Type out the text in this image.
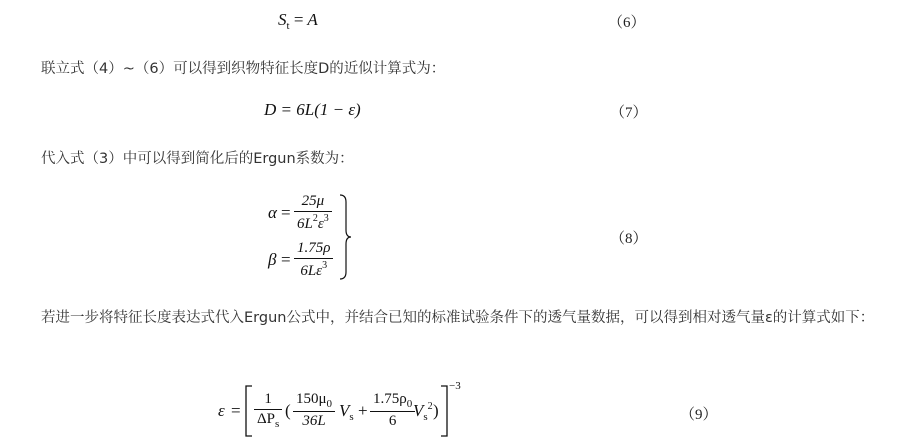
$S_t = A$	（6）
联立式（4）~（6）可以得到织物特征长度D的近似计算式为：
D = 6L(1 − ε)	（7）
代入式（3）中可以得到简化后的Ergun系数为：
$\alpha = \frac{25\mu}{6L^2\varepsilon^3}$
$\beta = \frac{1.75\rho}{6L\varepsilon^3}$
（8）
若进一步将特征长度表达式代入Ergun公式中，并结合已知的标准试验条件下的透气量数据，可以得到相对透气量ε的计算式如下：
ε =
1
$\Delta P_s$
( $\frac{150\mu_0}{36L} V_s + \frac{1.75\rho_0}{6}$
$V_s^2$ )
−3
（9）
